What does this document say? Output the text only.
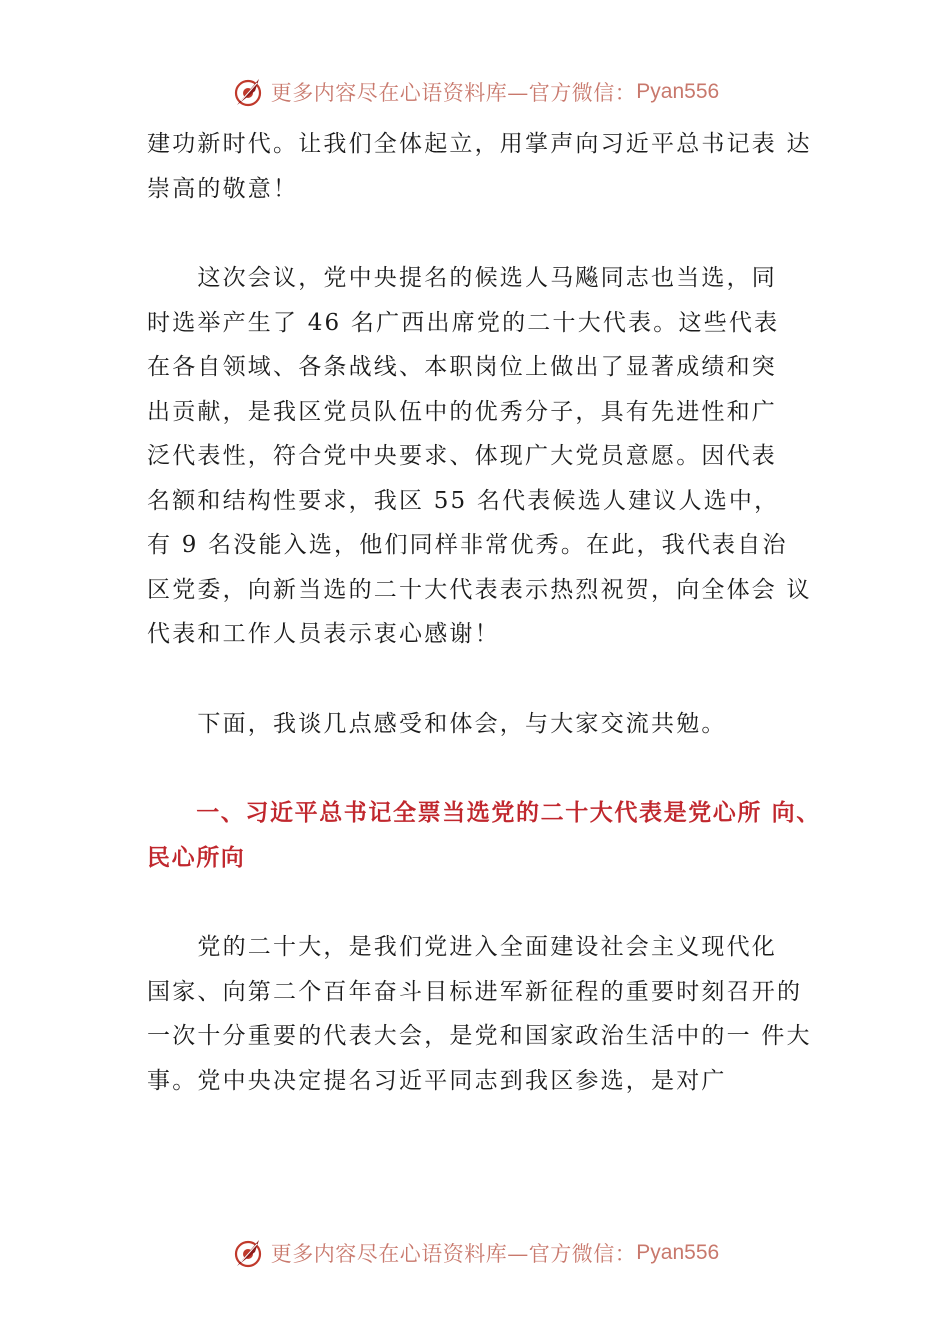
更多内容尽在心语资料库—官方微信： Pyan556

建功新时代。让我们全体起立，用掌声向习近平总书记表 达
崇高的敬意！

　　这次会议，党中央提名的候选人马飚同志也当选，同
时选举产生了 46 名广西出席党的二十大代表。这些代表
在各自领域、各条战线、本职岗位上做出了显著成绩和突
出贡献，是我区党员队伍中的优秀分子，具有先进性和广
泛代表性，符合党中央要求、体现广大党员意愿。因代表
名额和结构性要求，我区 55 名代表候选人建议人选中，
有 9 名没能入选，他们同样非常优秀。在此，我代表自治
区党委，向新当选的二十大代表表示热烈祝贺，向全体会 议
代表和工作人员表示衷心感谢！

　　下面，我谈几点感受和体会，与大家交流共勉。

　　一、习近平总书记全票当选党的二十大代表是党心所 向、
民心所向

　　党的二十大，是我们党进入全面建设社会主义现代化
国家、向第二个百年奋斗目标进军新征程的重要时刻召开的
一次十分重要的代表大会，是党和国家政治生活中的一 件大
事。党中央决定提名习近平同志到我区参选，是对广

更多内容尽在心语资料库—官方微信： Pyan556
